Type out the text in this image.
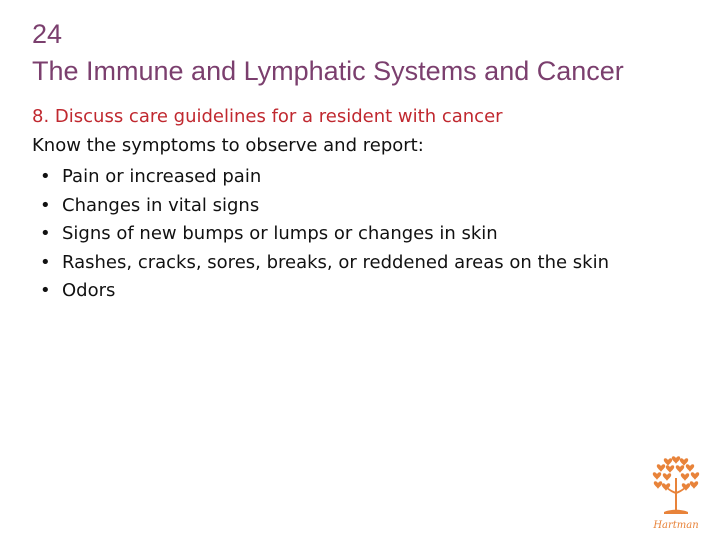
24
The Immune and Lymphatic Systems and Cancer
8. Discuss care guidelines for a resident with cancer
Know the symptoms to observe and report:
• Pain or increased pain
• Changes in vital signs
• Signs of new bumps or lumps or changes in skin
• Rashes, cracks, sores, breaks, or reddened areas on the skin
• Odors
Hartman
